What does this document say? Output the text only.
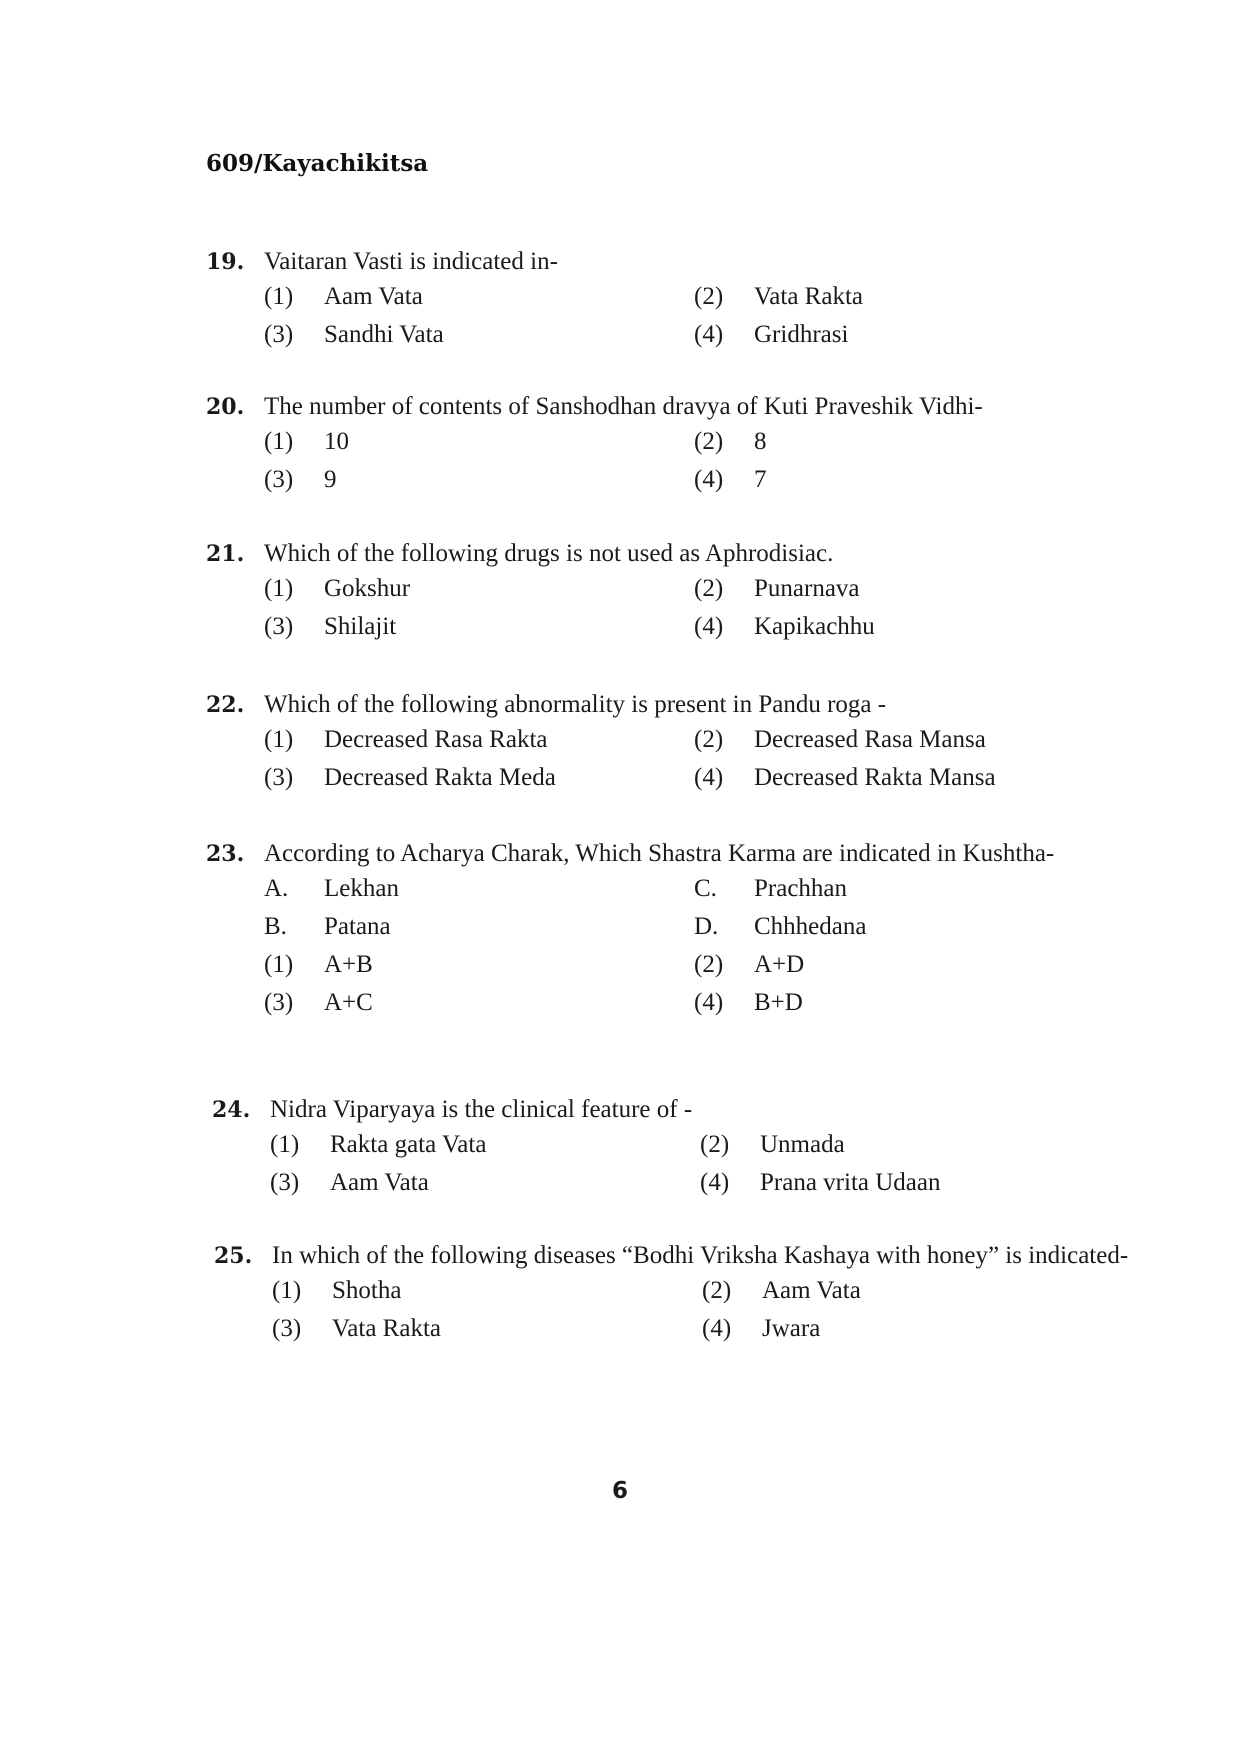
609/Kayachikitsa
19. Vaitaran Vasti is indicated in-
(1)	Aam Vata	(2)	Vata Rakta
(3)	Sandhi Vata	(4)	Gridhrasi
20. The number of contents of Sanshodhan dravya of Kuti Praveshik Vidhi-
(1)	10	(2)	8
(3)	9	(4)	7
21. Which of the following drugs is not used as Aphrodisiac.
(1)	Gokshur	(2)	Punarnava
(3)	Shilajit	(4)	Kapikachhu
22. Which of the following abnormality is present in Pandu roga -
(1)	Decreased Rasa Rakta	(2)	Decreased Rasa Mansa
(3)	Decreased Rakta Meda	(4)	Decreased Rakta Mansa
23. According to Acharya Charak, Which Shastra Karma are indicated in Kushtha-
A.	Lekhan	C.	Prachhan
B.	Patana	D.	Chhhedana
(1)	A+B	(2)	A+D
(3)	A+C	(4)	B+D
24. Nidra Viparyaya is the clinical feature of -
(1)	Rakta gata Vata	(2)	Unmada
(3)	Aam Vata	(4)	Prana vrita Udaan
25. In which of the following diseases “Bodhi Vriksha Kashaya with honey” is indicated-
(1)	Shotha	(2)	Aam Vata
(3)	Vata Rakta	(4)	Jwara
6
